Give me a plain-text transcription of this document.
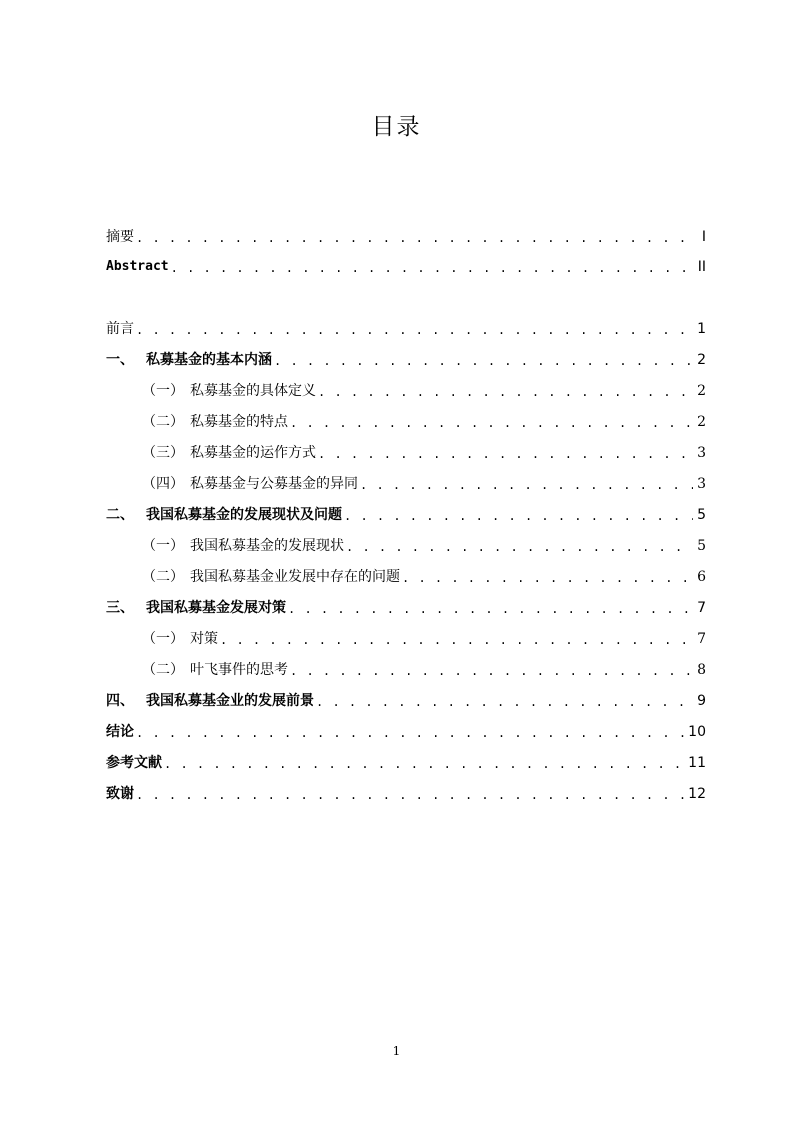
目录
摘要 . . .	I
Abstract . . .	II
前言 . . .	1
一、 私募基金的基本内涵 . . .	2
（一） 私募基金的具体定义 . . .	2
（二） 私募基金的特点 . . .	2
（三） 私募基金的运作方式 . . .	3
（四） 私募基金与公募基金的异同 . . .	3
二、 我国私募基金的发展现状及问题 . . .	5
（一） 我国私募基金的发展现状 . . .	5
（二） 我国私募基金业发展中存在的问题 . . .	6
三、 我国私募基金发展对策 . . .	7
（一） 对策 . . .	7
（二） 叶飞事件的思考 . . .	8
四、 我国私募基金业的发展前景 . . .	9
结论 . . .	10
参考文献 . . .	11
致谢 . . .	12
1
